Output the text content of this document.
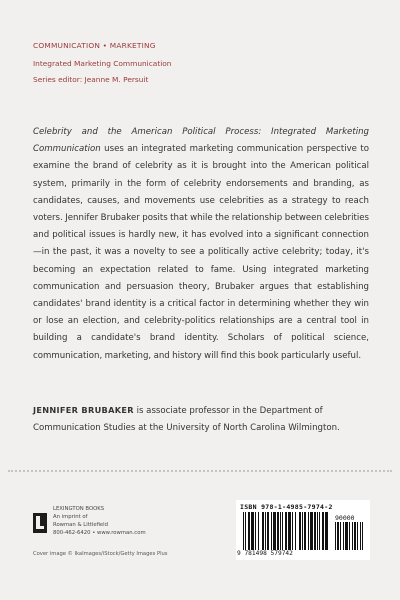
COMMUNICATION • MARKETING
Integrated Marketing Communication
Series editor: Jeanne M. Persuit
Celebrity and the American Political Process: Integrated Marketing Communication uses an integrated marketing communication perspective to examine the brand of celebrity as it is brought into the American political system, primarily in the form of celebrity endorsements and branding, as candidates, causes, and movements use celebrities as a strategy to reach voters. Jennifer Brubaker posits that while the relationship between celebrities and political issues is hardly new, it has evolved into a significant connection—in the past, it was a novelty to see a politically active celebrity; today, it's becoming an expectation related to fame. Using integrated marketing communication and persuasion theory, Brubaker argues that establishing candidates' brand identity is a critical factor in determining whether they win or lose an election, and celebrity-politics relationships are a central tool in building a candidate's brand identity. Scholars of political science, communication, marketing, and history will find this book particularly useful.
JENNIFER BRUBAKER is associate professor in the Department of Communication Studies at the University of North Carolina Wilmington.
LEXINGTON BOOKS
An imprint of
Rowman & Littlefield
800-462-6420 • www.rowman.com
Cover image © IkaImages/iStock/Getty Images Plus
ISBN 978-1-4985-7974-2
90000
9 781498 579742
